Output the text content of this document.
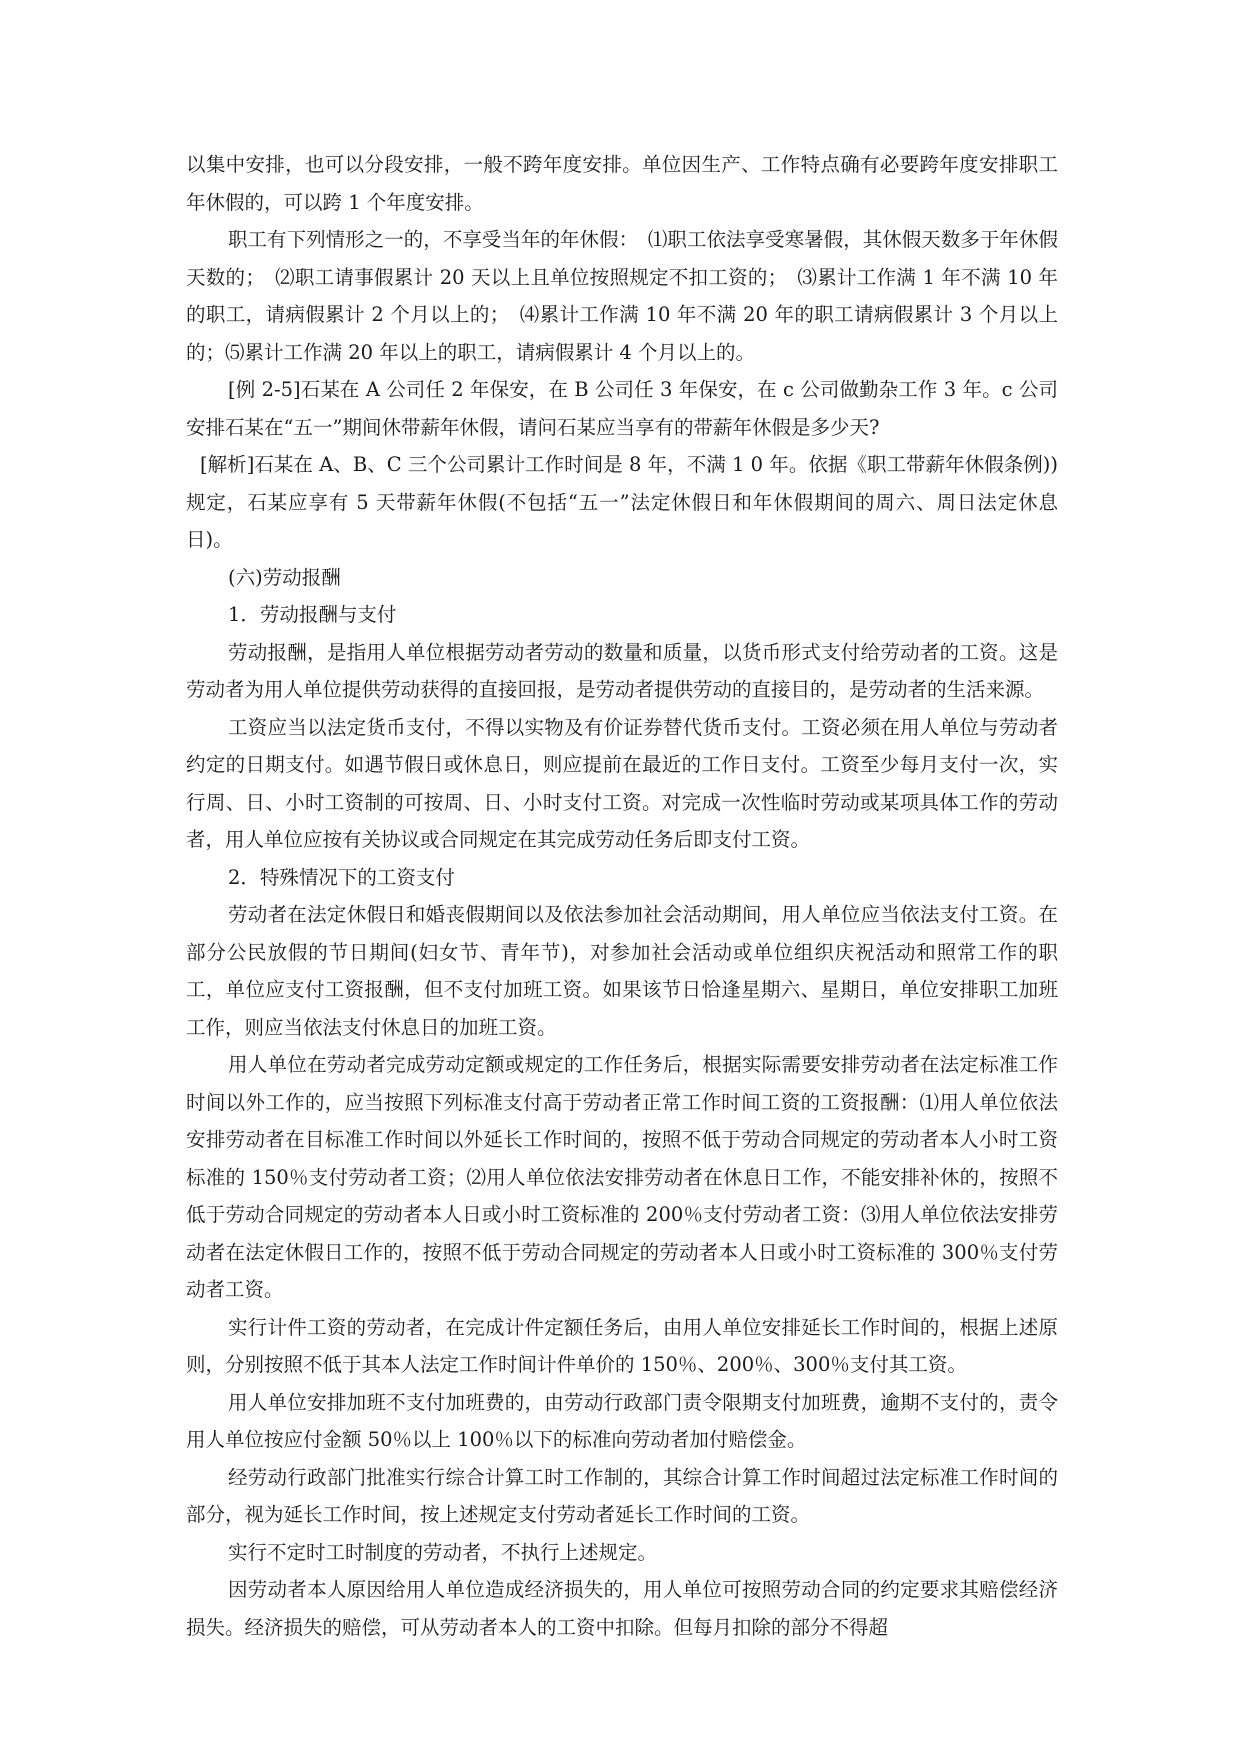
以集中安排，也可以分段安排，一般不跨年度安排。单位因生产、工作特点确有必要跨年度安排职工年休假的，可以跨 1 个年度安排。

职工有下列情形之一的，不享受当年的年休假：　⑴职工依法享受寒暑假，其休假天数多于年休假天数的；　⑵职工请事假累计 20 天以上且单位按照规定不扣工资的；　⑶累计工作满 1 年不满 10 年的职工，请病假累计 2 个月以上的；　⑷累计工作满 10 年不满 20 年的职工请病假累计 3 个月以上的；⑸累计工作满 20 年以上的职工，请病假累计 4 个月以上的。

[例 2-5]石某在 A 公司任 2 年保安，在 B 公司任 3 年保安，在 c 公司做勤杂工作 3 年。c 公司安排石某在“五一”期间休带薪年休假，请问石某应当享有的带薪年休假是多少天?

[解析]石某在 A、B、C 三个公司累计工作时间是 8 年，不满 1 0 年。依据《职工带薪年休假条例))规定，石某应享有 5 天带薪年休假(不包括“五一”法定休假日和年休假期间的周六、周日法定休息日)。

(六)劳动报酬

1．劳动报酬与支付

劳动报酬，是指用人单位根据劳动者劳动的数量和质量，以货币形式支付给劳动者的工资。这是劳动者为用人单位提供劳动获得的直接回报，是劳动者提供劳动的直接目的，是劳动者的生活来源。

工资应当以法定货币支付，不得以实物及有价证券替代货币支付。工资必须在用人单位与劳动者约定的日期支付。如遇节假日或休息日，则应提前在最近的工作日支付。工资至少每月支付一次，实行周、日、小时工资制的可按周、日、小时支付工资。对完成一次性临时劳动或某项具体工作的劳动者，用人单位应按有关协议或合同规定在其完成劳动任务后即支付工资。

2．特殊情况下的工资支付

劳动者在法定休假日和婚丧假期间以及依法参加社会活动期间，用人单位应当依法支付工资。在部分公民放假的节日期间(妇女节、青年节)，对参加社会活动或单位组织庆祝活动和照常工作的职工，单位应支付工资报酬，但不支付加班工资。如果该节日恰逢星期六、星期日，单位安排职工加班工作，则应当依法支付休息日的加班工资。

用人单位在劳动者完成劳动定额或规定的工作任务后，根据实际需要安排劳动者在法定标准工作时间以外工作的，应当按照下列标准支付高于劳动者正常工作时间工资的工资报酬：⑴用人单位依法安排劳动者在目标准工作时间以外延长工作时间的，按照不低于劳动合同规定的劳动者本人小时工资标准的 150％支付劳动者工资；⑵用人单位依法安排劳动者在休息日工作，不能安排补休的，按照不低于劳动合同规定的劳动者本人日或小时工资标准的 200％支付劳动者工资：⑶用人单位依法安排劳动者在法定休假日工作的，按照不低于劳动合同规定的劳动者本人日或小时工资标准的 300％支付劳动者工资。

实行计件工资的劳动者，在完成计件定额任务后，由用人单位安排延长工作时间的，根据上述原则，分别按照不低于其本人法定工作时间计件单价的 150％、200％、300％支付其工资。

用人单位安排加班不支付加班费的，由劳动行政部门责令限期支付加班费，逾期不支付的，责令用人单位按应付金额 50％以上 100％以下的标准向劳动者加付赔偿金。

经劳动行政部门批准实行综合计算工时工作制的，其综合计算工作时间超过法定标准工作时间的部分，视为延长工作时间，按上述规定支付劳动者延长工作时间的工资。

实行不定时工时制度的劳动者，不执行上述规定。

因劳动者本人原因给用人单位造成经济损失的，用人单位可按照劳动合同的约定要求其赔偿经济损失。经济损失的赔偿，可从劳动者本人的工资中扣除。但每月扣除的部分不得超
